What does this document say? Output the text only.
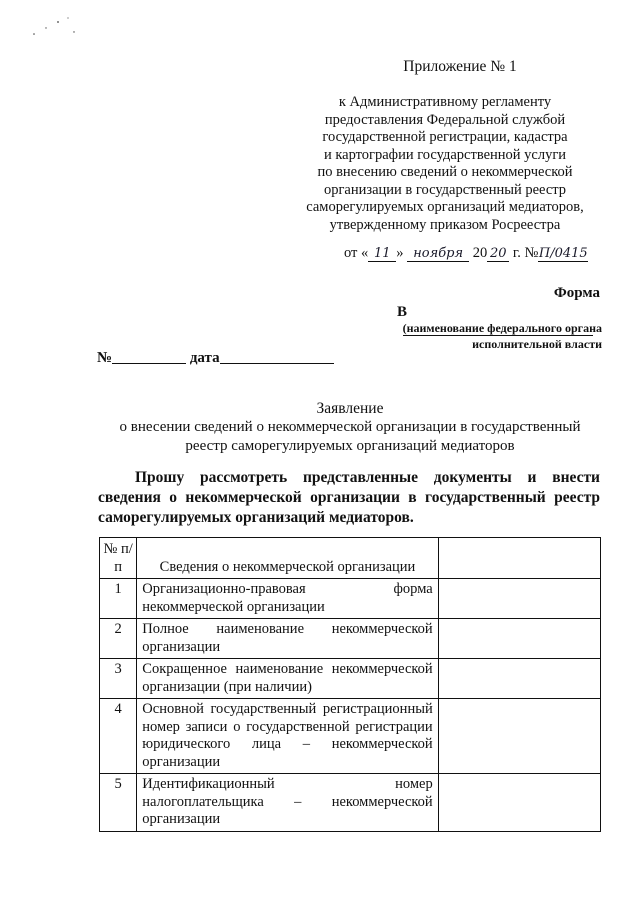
Приложение № 1
к Административному регламенту
предоставления Федеральной службой
государственной регистрации, кадастра
и картографии государственной услуги
по внесению сведений о некоммерческой
организации в государственный реестр
саморегулируемых организаций медиаторов,
утвержденному приказом Росреестра
от « 11 » ноября 20 20 г. №П/0415
Форма
В
(наименование федерального органа
исполнительной власти
№	дата
Заявление
о внесении сведений о некоммерческой организации в государственный
реестр саморегулируемых организаций медиаторов
Прошу рассмотреть представленные документы и внести сведения о некоммерческой организации в государственный реестр саморегулируемых организаций медиаторов.
№ п/п	Сведения о некоммерческой организации	
1	Организационно-правовая форма некоммерческой организации	
2	Полное наименование некоммерческой организации	
3	Сокращенное наименование некоммерческой организации (при наличии)	
4	Основной государственный регистрационный номер записи о государственной регистрации юридического лица – некоммерческой организации	
5	Идентификационный номер налогоплательщика – некоммерческой организации	
